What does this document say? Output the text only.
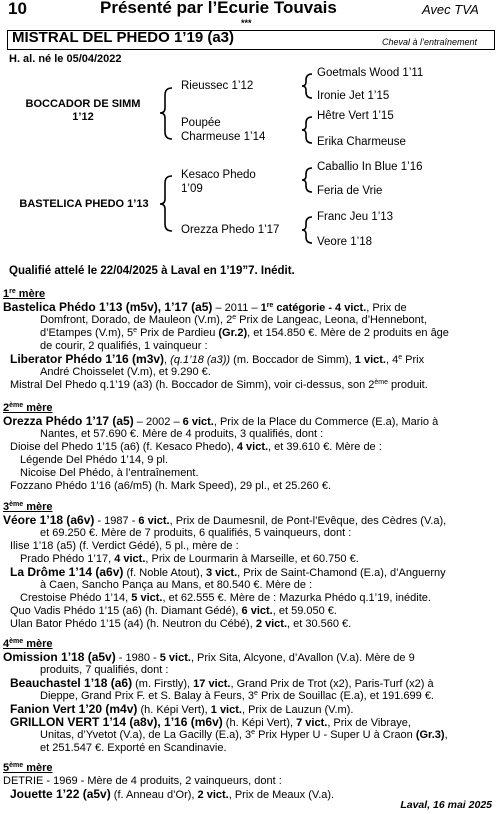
10	Présenté par l’Ecurie Touvais	Avec TVA
***
MISTRAL DEL PHEDO 1’19 (a3)	Cheval à l’entraînement
H. al. né le 05/04/2022
BOCCADOR DE SIMM
1’12
BASTELICA PHEDO 1’13
Rieussec 1’12
Poupée
Charmeuse 1’14
Kesaco Phedo
1’09
Orezza Phedo 1’17
Goetmals Wood 1’11
Ironie Jet 1’15
Hêtre Vert 1’15
Erika Charmeuse
Caballio In Blue 1’16
Feria de Vrie
Franc Jeu 1’13
Veore 1’18
Qualifié attelé le 22/04/2025 à Laval en 1’19”7. Inédit.
1re mère
Bastelica Phédo 1’13 (m5v), 1’17 (a5) – 2011 – 1re catégorie - 4 vict., Prix de
Domfront, Dorado, de Mauleon (V.m), 2e Prix de Langeac, Leona, d’Hennebont,
d’Etampes (V.m), 5e Prix de Pardieu (Gr.2), et 154.850 €. Mère de 2 produits en âge
de courir, 2 qualifiés, 1 vainqueur :
Liberator Phédo 1’16 (m3v), (q.1’18 (a3)) (m. Boccador de Simm), 1 vict., 4e Prix
André Choisselet (V.m), et 9.290 €.
Mistral Del Phedo q.1’19 (a3) (h. Boccador de Simm), voir ci-dessus, son 2ème produit.
2ème mère
Orezza Phédo 1’17 (a5) – 2002 – 6 vict., Prix de la Place du Commerce (E.a), Mario à
Nantes, et 57.690 €. Mère de 4 produits, 3 qualifiés, dont :
Dioise del Phedo 1’15 (a6) (f. Kesaco Phedo), 4 vict., et 39.610 €. Mère de :
Légende Del Phédo 1’14, 9 pl.
Nicoise Del Phédo, à l’entraînement.
Fozzano Phédo 1’16 (a6/m5) (h. Mark Speed), 29 pl., et 25.260 €.
3ème mère
Véore 1’18 (a6v) - 1987 - 6 vict., Prix de Daumesnil, de Pont-l’Evêque, des Cèdres (V.a),
et 69.250 €. Mère de 7 produits, 6 qualifiés, 5 vainqueurs, dont :
Ilise 1’18 (a5) (f. Verdict Gédé), 5 pl., mère de :
Prado Phédo 1’17, 4 vict., Prix de Lourmarin à Marseille, et 60.750 €.
La Drôme 1’14 (a6v) (f. Noble Atout), 3 vict., Prix de Saint-Chamond (E.a), d’Anguerny
à Caen, Sancho Pança au Mans, et 80.540 €. Mère de :
Crestoise Phédo 1’14, 5 vict., et 62.555 €. Mère de : Mazurka Phédo q.1’19, inédite.
Quo Vadis Phédo 1’15 (a6) (h. Diamant Gédé), 6 vict., et 59.050 €.
Ulan Bator Phédo 1’15 (a4) (h. Neutron du Cébé), 2 vict., et 30.560 €.
4ème mère
Omission 1’18 (a5v) - 1980 - 5 vict., Prix Sita, Alcyone, d’Avallon (V.a). Mère de 9
produits, 7 qualifiés, dont :
Beauchastel 1’18 (a6) (m. Firstly), 17 vict., Grand Prix de Trot (x2), Paris-Turf (x2) à
Dieppe, Grand Prix F. et S. Balay à Feurs, 3e Prix de Souillac (E.a), et 191.699 €.
Fanion Vert 1’20 (m4v) (h. Képi Vert), 1 vict., Prix de Lauzun (V.m).
GRILLON VERT 1’14 (a8v), 1’16 (m6v) (h. Képi Vert), 7 vict., Prix de Vibraye,
Unitas, d’Yvetot (V.a), de La Gacilly (E.a), 3e Prix Hyper U - Super U à Craon (Gr.3),
et 251.547 €. Exporté en Scandinavie.
5ème mère
DETRIE - 1969 - Mère de 4 produits, 2 vainqueurs, dont :
Jouette 1’22 (a5v) (f. Anneau d’Or), 2 vict., Prix de Meaux (V.a).
Laval, 16 mai 2025
